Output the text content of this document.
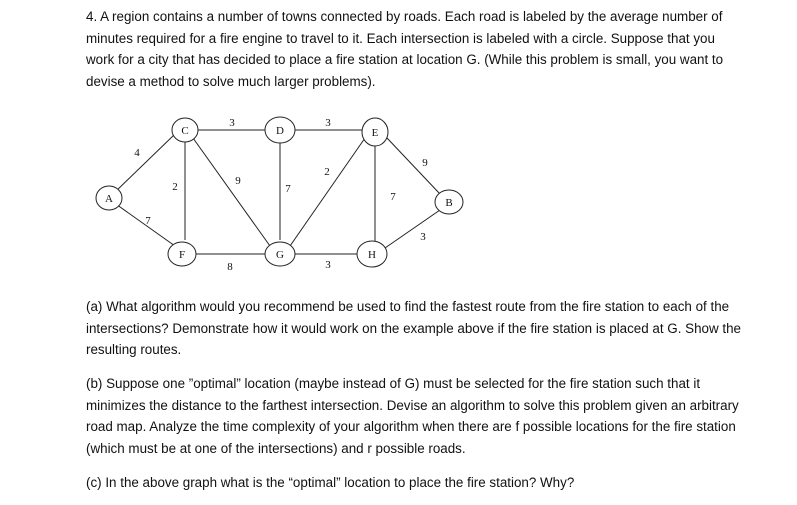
4. A region contains a number of towns connected by roads. Each road is labeled by the average number of minutes required for a fire engine to travel to it. Each intersection is labeled with a circle. Suppose that you work for a city that has decided to place a fire station at location G. (While this problem is small, you want to devise a method to solve much larger problems).

A
C	D	E
F	G	H
B
4
7
3
2	9
3
7
2
7
9
8	3
3

(a) What algorithm would you recommend be used to find the fastest route from the fire station to each of the intersections? Demonstrate how it would work on the example above if the fire station is placed at G. Show the resulting routes.

(b) Suppose one ”optimal” location (maybe instead of G) must be selected for the fire station such that it minimizes the distance to the farthest intersection. Devise an algorithm to solve this problem given an arbitrary road map. Analyze the time complexity of your algorithm when there are f possible locations for the fire station (which must be at one of the intersections) and r possible roads.

(c) In the above graph what is the “optimal” location to place the fire station? Why?
